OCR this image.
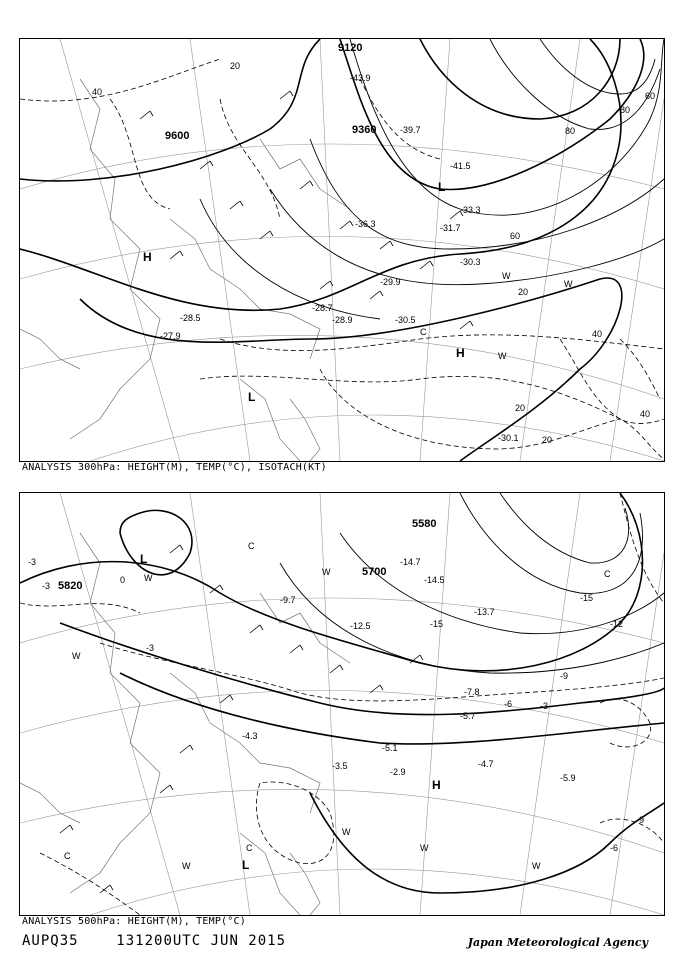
9120
9600	9360
20
40
60
80
20
40
20
40
20
60
80
H
H
L
L
C
W
W
W
-43.9
-41.5
-39.7
-36.3
-33.3
-31.7
-30.3
-29.9
-28.9
-28.7
-28.5
-27.9
-30.5
-30.1
ANALYSIS 300hPa: HEIGHT(M), TEMP(°C), ISOTACH(KT)
5820
5700
5580
-3
-3
-3
-6
-6
-9
-9
-12
-15
-15
-3
0
L
C
W	C
H
W
W
W
W
C
L
W
C
W
-14.5
-13.7
-14.7
-12.5
-9.7
-7.8
-5.7
-4.7
-3.5
-5.1
-5.9
-2.9
-4.3
ANALYSIS 500hPa: HEIGHT(M), TEMP(°C)
AUPQ35	131200UTC JUN 2015	Japan Meteorological Agency
